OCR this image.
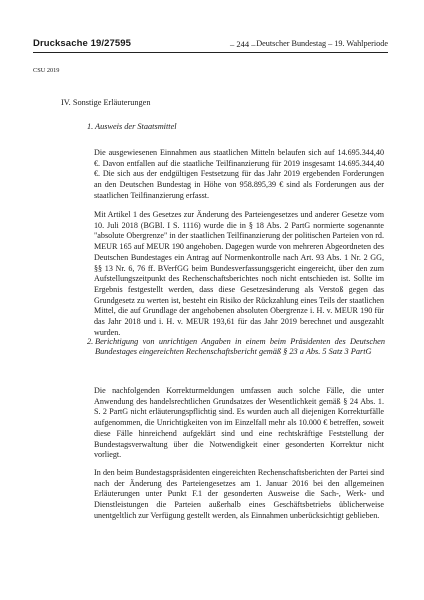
Drucksache 19/27595	– 244 – Deutscher Bundestag – 19. Wahlperiode
CSU 2019
IV. Sonstige Erläuterungen
1. Ausweis der Staatsmittel

Die ausgewiesenen Einnahmen aus staatlichen Mitteln belaufen sich auf 14.695.344,40 €. Davon entfallen auf die staatliche Teilfinanzierung für 2019 insgesamt 14.695.344,40 €. Die sich aus der endgültigen Festsetzung für das Jahr 2019 ergebenden Forderungen an den Deutschen Bundestag in Höhe von 958.895,39 € sind als Forderungen aus der staatlichen Teilfinanzierung erfasst.

Mit Artikel 1 des Gesetzes zur Änderung des Parteiengesetzes und anderer Gesetze vom 10. Juli 2018 (BGBl. I S. 1116) wurde die in § 18 Abs. 2 PartG normierte sogenannte "absolute Obergrenze" in der staatlichen Teilfinanzierung der politischen Parteien von rd. MEUR 165 auf MEUR 190 angehoben. Dagegen wurde von mehreren Abgeordneten des Deutschen Bundestages ein Antrag auf Normenkontrolle nach Art. 93 Abs. 1 Nr. 2 GG, §§ 13 Nr. 6, 76 ff. BVerfGG beim Bundesverfassungsgericht eingereicht, über den zum Aufstellungszeitpunkt des Rechenschaftsberichtes noch nicht entschieden ist. Sollte im Ergebnis festgestellt werden, dass diese Gesetzesänderung als Verstoß gegen das Grundgesetz zu werten ist, besteht ein Risiko der Rückzahlung eines Teils der staatlichen Mittel, die auf Grundlage der angehobenen absoluten Obergrenze i. H. v. MEUR 190 für das Jahr 2018 und i. H. v. MEUR 193,61 für das Jahr 2019 berechnet und ausgezahlt wurden.

2. Berichtigung von unrichtigen Angaben in einem beim Präsidenten des Deutschen Bundestages eingereichten Rechenschaftsbericht gemäß § 23 a Abs. 5 Satz 3 PartG

Die nachfolgenden Korrekturmeldungen umfassen auch solche Fälle, die unter Anwendung des handelsrechtlichen Grundsatzes der Wesentlichkeit gemäß § 24 Abs. 1. S. 2 PartG nicht erläuterungspflichtig sind. Es wurden auch all diejenigen Korrekturfälle aufgenommen, die Unrichtigkeiten von im Einzelfall mehr als 10.000 € betreffen, soweit diese Fälle hinreichend aufgeklärt sind und eine rechtskräftige Feststellung der Bundestagsverwaltung über die Notwendigkeit einer gesonderten Korrektur nicht vorliegt.

In den beim Bundestagspräsidenten eingereichten Rechenschaftsberichten der Partei sind nach der Änderung des Parteiengesetzes am 1. Januar 2016 bei den allgemeinen Erläuterungen unter Punkt F.1 der gesonderten Ausweise die Sach-, Werk- und Dienstleistungen die Parteien außerhalb eines Geschäftsbetriebs üblicherweise unentgeltlich zur Verfügung gestellt werden, als Einnahmen unberücksichtigt geblieben.
